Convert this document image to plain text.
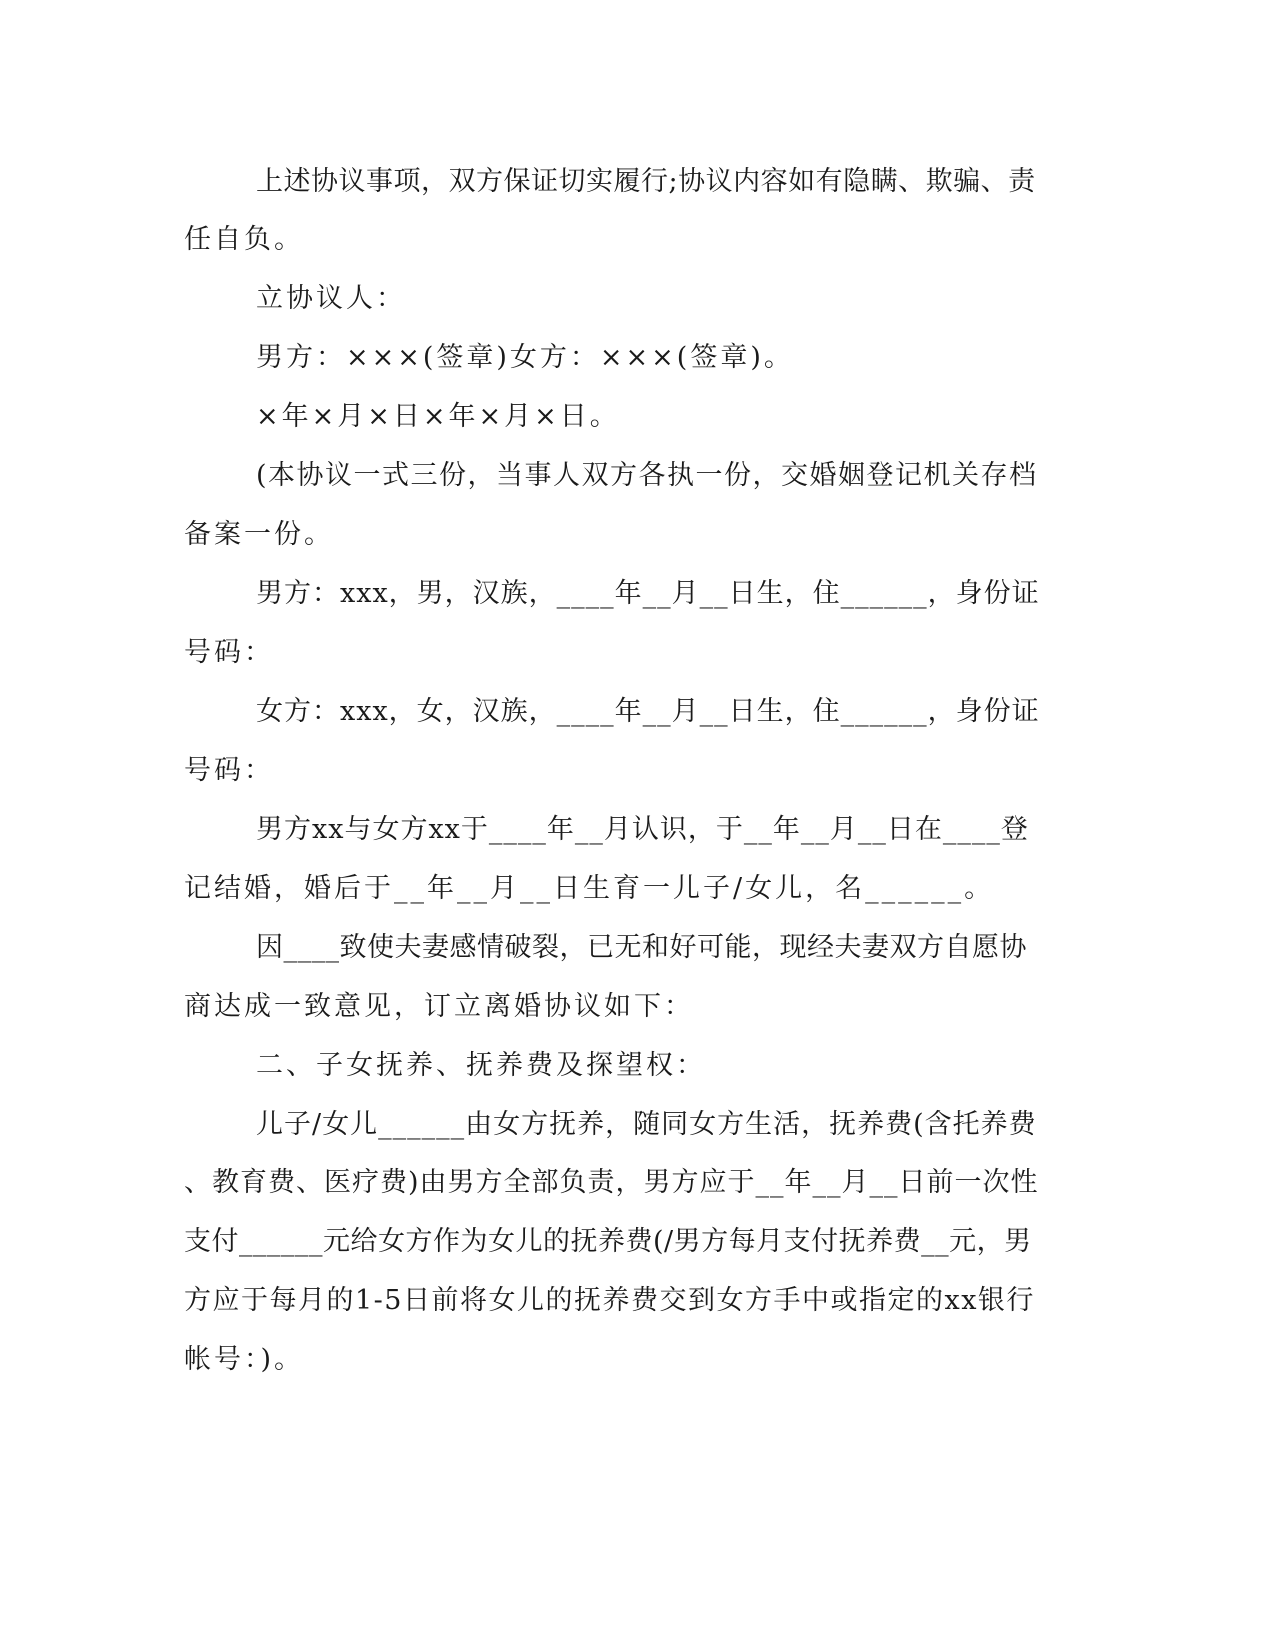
上述协议事项，双方保证切实履行;协议内容如有隐瞒、欺骗、责
任自负。
立协议人：
男方：×××(签章)女方：×××(签章)。
×年×月×日×年×月×日。
(本协议一式三份，当事人双方各执一份，交婚姻登记机关存档
备案一份。
男方：xxx，男，汉族，____年__月__日生，住______，身份证
号码：
女方：xxx，女，汉族，____年__月__日生，住______，身份证
号码：
男方xx与女方xx于____年__月认识，于__年__月__日在____登
记结婚，婚后于__年__月__日生育一儿子/女儿，名______。
因____致使夫妻感情破裂，已无和好可能，现经夫妻双方自愿协
商达成一致意见，订立离婚协议如下：
二、子女抚养、抚养费及探望权：
儿子/女儿______由女方抚养，随同女方生活，抚养费(含托养费
、教育费、医疗费)由男方全部负责，男方应于__年__月__日前一次性
支付______元给女方作为女儿的抚养费(/男方每月支付抚养费__元，男
方应于每月的1-5日前将女儿的抚养费交到女方手中或指定的xx银行
帐号：)。
